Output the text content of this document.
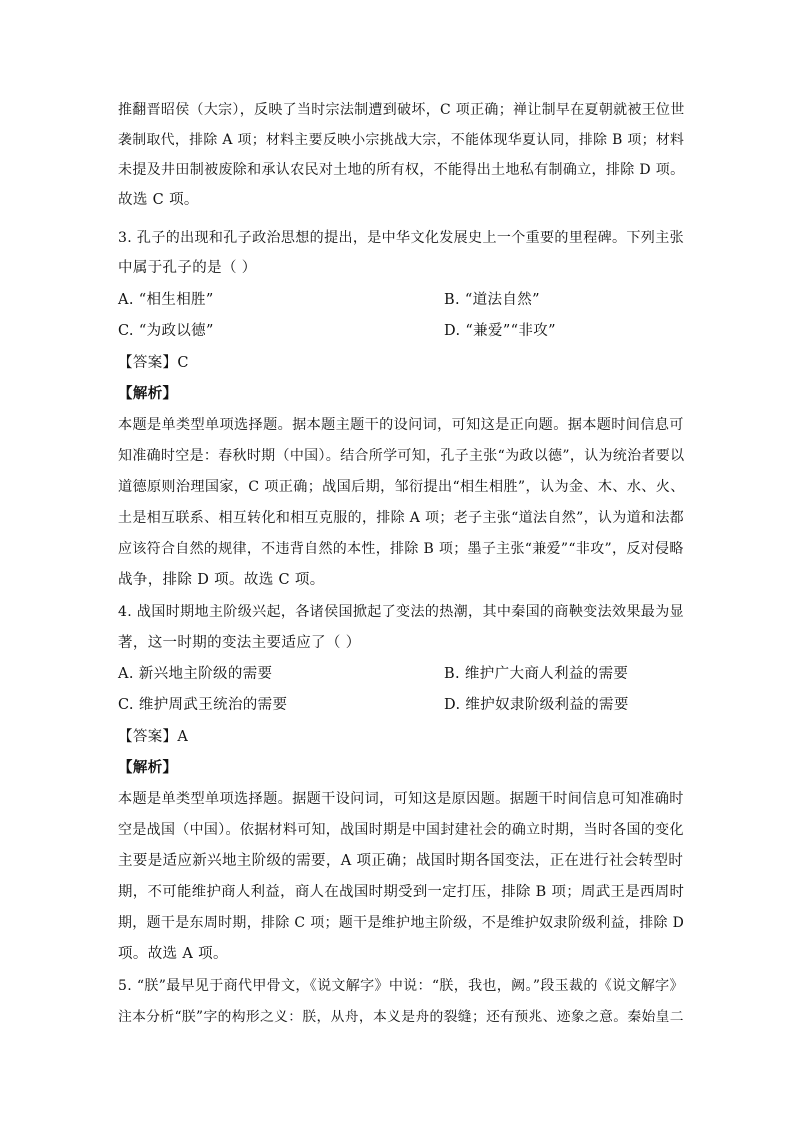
推翻晋昭侯（大宗），反映了当时宗法制遭到破坏，C 项正确；禅让制早在夏朝就被王位世
袭制取代，排除 A 项；材料主要反映小宗挑战大宗，不能体现华夏认同，排除 B 项；材料
未提及井田制被废除和承认农民对土地的所有权，不能得出土地私有制确立，排除 D 项。
故选 C 项。
3. 孔子的出现和孔子政治思想的提出，是中华文化发展史上一个重要的里程碑。下列主张
中属于孔子的是（ ）
A. “相生相胜”	B. “道法自然”
C. “为政以德”	D. “兼爱”“非攻”
【答案】C
【解析】
本题是单类型单项选择题。据本题主题干的设问词，可知这是正向题。据本题时间信息可
知准确时空是：春秋时期（中国）。结合所学可知，孔子主张“为政以德”，认为统治者要以
道德原则治理国家，C 项正确；战国后期，邹衍提出“相生相胜”，认为金、木、水、火、
土是相互联系、相互转化和相互克服的，排除 A 项；老子主张“道法自然”，认为道和法都
应该符合自然的规律，不违背自然的本性，排除 B 项；墨子主张“兼爱”“非攻”，反对侵略
战争，排除 D 项。故选 C 项。
4. 战国时期地主阶级兴起，各诸侯国掀起了变法的热潮，其中秦国的商鞅变法效果最为显
著，这一时期的变法主要适应了（ ）
A. 新兴地主阶级的需要	B. 维护广大商人利益的需要
C. 维护周武王统治的需要	D. 维护奴隶阶级利益的需要
【答案】A
【解析】
本题是单类型单项选择题。据题干设问词，可知这是原因题。据题干时间信息可知准确时
空是战国（中国）。依据材料可知，战国时期是中国封建社会的确立时期，当时各国的变化
主要是适应新兴地主阶级的需要，A 项正确；战国时期各国变法，正在进行社会转型时
期，不可能维护商人利益，商人在战国时期受到一定打压，排除 B 项；周武王是西周时
期，题干是东周时期，排除 C 项；题干是维护地主阶级，不是维护奴隶阶级利益，排除 D
项。故选 A 项。
5. “朕”最早见于商代甲骨文，《说文解字》中说：“朕，我也，阙。”段玉裁的《说文解字》
注本分析“朕”字的构形之义：朕，从舟，本义是舟的裂缝；还有预兆、迹象之意。秦始皇二
